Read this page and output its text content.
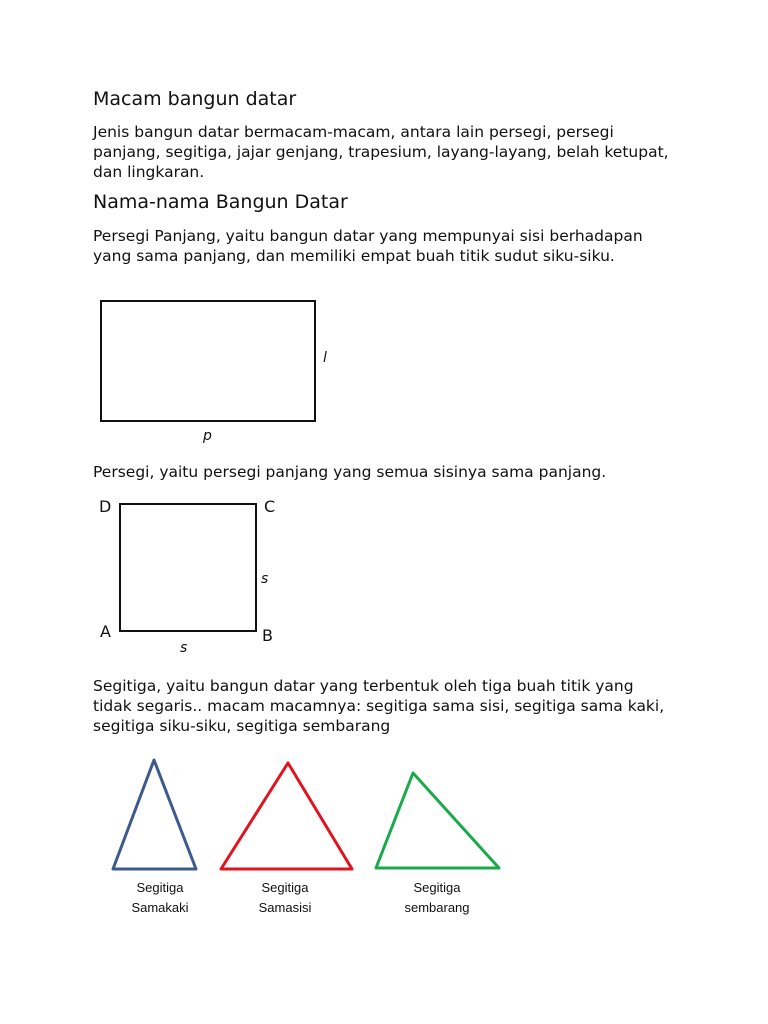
Macam bangun datar

Jenis bangun datar bermacam-macam, antara lain persegi, persegi panjang, segitiga, jajar genjang, trapesium, layang-layang, belah ketupat, dan lingkaran.

Nama-nama Bangun Datar

Persegi Panjang, yaitu bangun datar yang mempunyai sisi berhadapan yang sama panjang, dan memiliki empat buah titik sudut siku-siku.

l
p

Persegi, yaitu persegi panjang yang semua sisinya sama panjang.

D	C
A	B
s
s

Segitiga, yaitu bangun datar yang terbentuk oleh tiga buah titik yang tidak segaris.. macam macamnya: segitiga sama sisi, segitiga sama kaki, segitiga siku-siku, segitiga sembarang

Segitiga
Samakaki
Segitiga
Samasisi
Segitiga
sembarang
